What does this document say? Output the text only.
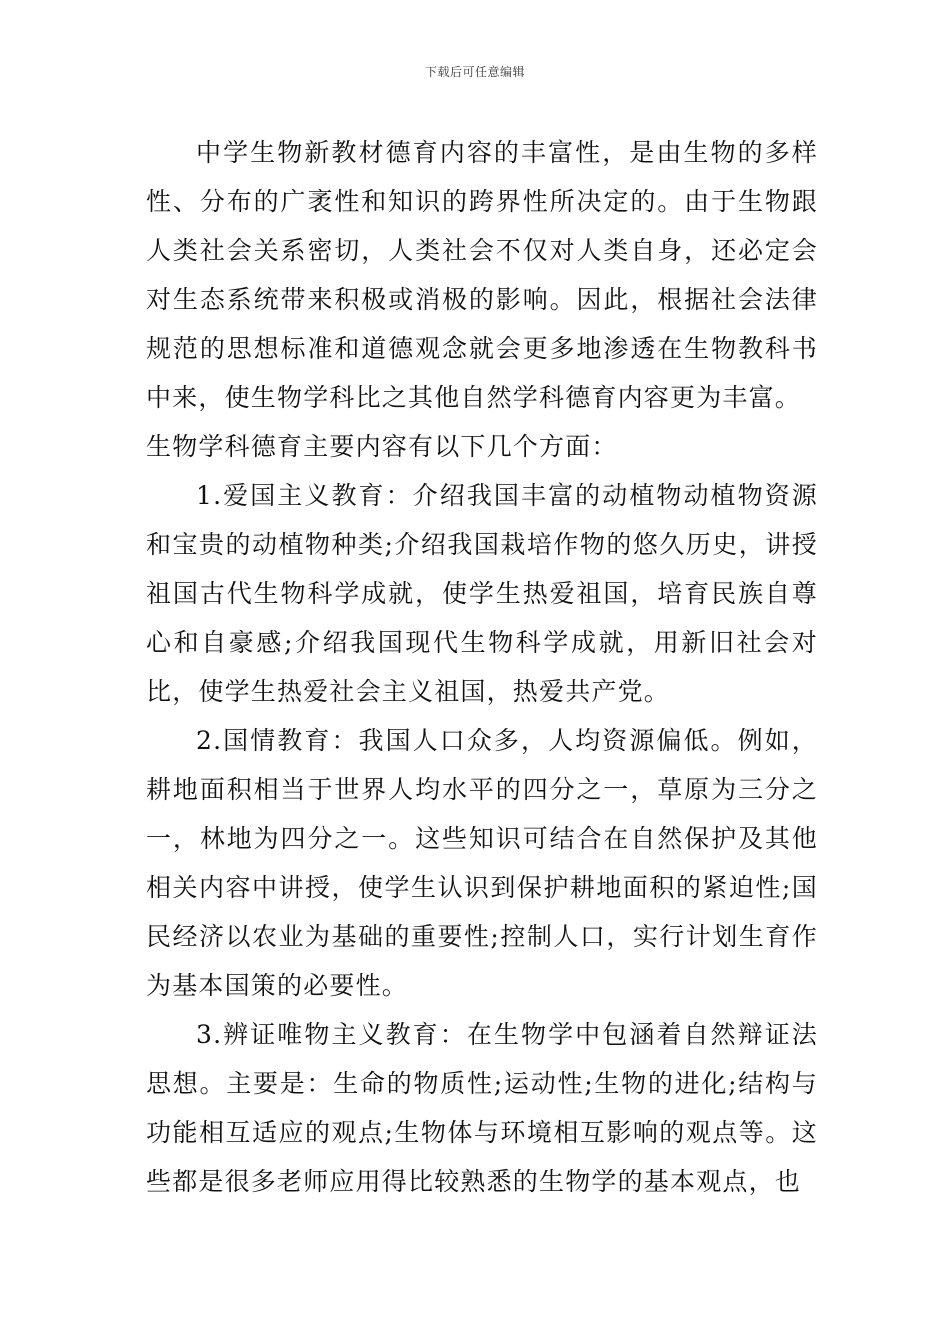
下载后可任意编辑

中学生物新教材德育内容的丰富性，是由生物的多样性、分布的广袤性和知识的跨界性所决定的。由于生物跟人类社会关系密切，人类社会不仅对人类自身，还必定会对生态系统带来积极或消极的影响。因此，根据社会法律规范的思想标准和道德观念就会更多地渗透在生物教科书中来，使生物学科比之其他自然学科德育内容更为丰富。

生物学科德育主要内容有以下几个方面：

1.爱国主义教育：介绍我国丰富的动植物动植物资源和宝贵的动植物种类;介绍我国栽培作物的悠久历史，讲授祖国古代生物科学成就，使学生热爱祖国，培育民族自尊心和自豪感;介绍我国现代生物科学成就，用新旧社会对比，使学生热爱社会主义祖国，热爱共产党。

2.国情教育：我国人口众多，人均资源偏低。例如，耕地面积相当于世界人均水平的四分之一，草原为三分之一，林地为四分之一。这些知识可结合在自然保护及其他相关内容中讲授，使学生认识到保护耕地面积的紧迫性;国民经济以农业为基础的重要性;控制人口，实行计划生育作为基本国策的必要性。

3.辨证唯物主义教育：在生物学中包涵着自然辩证法思想。主要是：生命的物质性;运动性;生物的进化;结构与功能相互适应的观点;生物体与环境相互影响的观点等。这些都是很多老师应用得比较熟悉的生物学的基本观点，也
